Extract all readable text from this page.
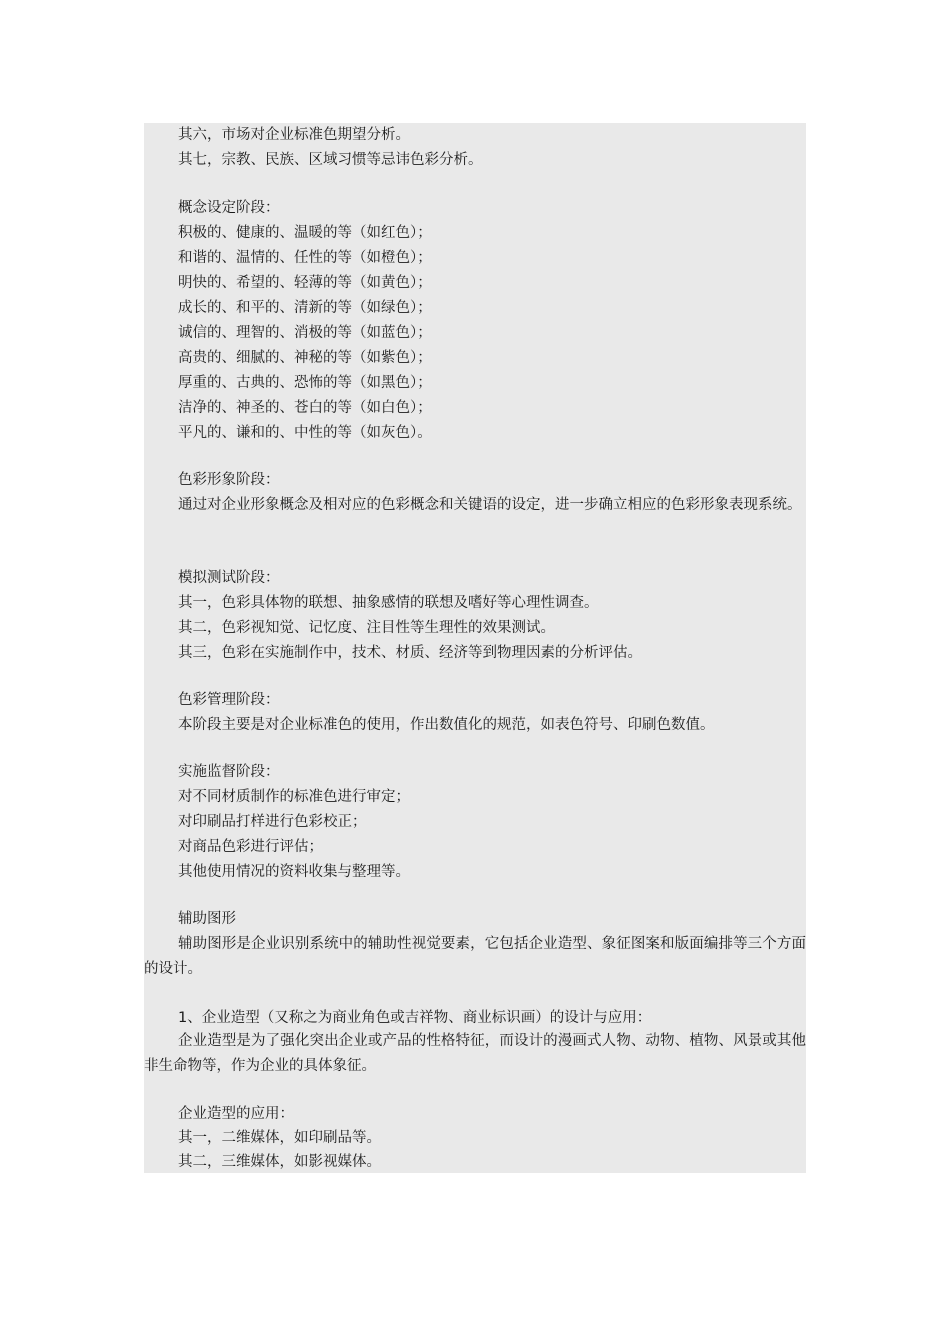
其六，市场对企业标准色期望分析。
其七，宗教、民族、区域习惯等忌讳色彩分析。
概念设定阶段：
积极的、健康的、温暖的等（如红色）；
和谐的、温情的、任性的等（如橙色）；
明快的、希望的、轻薄的等（如黄色）；
成长的、和平的、清新的等（如绿色）；
诚信的、理智的、消极的等（如蓝色）；
高贵的、细腻的、神秘的等（如紫色）；
厚重的、古典的、恐怖的等（如黑色）；
洁净的、神圣的、苍白的等（如白色）；
平凡的、谦和的、中性的等（如灰色）。
色彩形象阶段：
通过对企业形象概念及相对应的色彩概念和关键语的设定，进一步确立相应的色彩形象表现系统。
模拟测试阶段：
其一，色彩具体物的联想、抽象感情的联想及嗜好等心理性调查。
其二，色彩视知觉、记忆度、注目性等生理性的效果测试。
其三，色彩在实施制作中，技术、材质、经济等到物理因素的分析评估。
色彩管理阶段：
本阶段主要是对企业标准色的使用，作出数值化的规范，如表色符号、印刷色数值。
实施监督阶段：
对不同材质制作的标准色进行审定；
对印刷品打样进行色彩校正；
对商品色彩进行评估；
其他使用情况的资料收集与整理等。
辅助图形
辅助图形是企业识别系统中的辅助性视觉要素，它包括企业造型、象征图案和版面编排等三个方面的设计。
1、企业造型（又称之为商业角色或吉祥物、商业标识画）的设计与应用：
企业造型是为了强化突出企业或产品的性格特征，而设计的漫画式人物、动物、植物、风景或其他非生命物等，作为企业的具体象征。
企业造型的应用：
其一，二维媒体，如印刷品等。
其二，三维媒体，如影视媒体。
